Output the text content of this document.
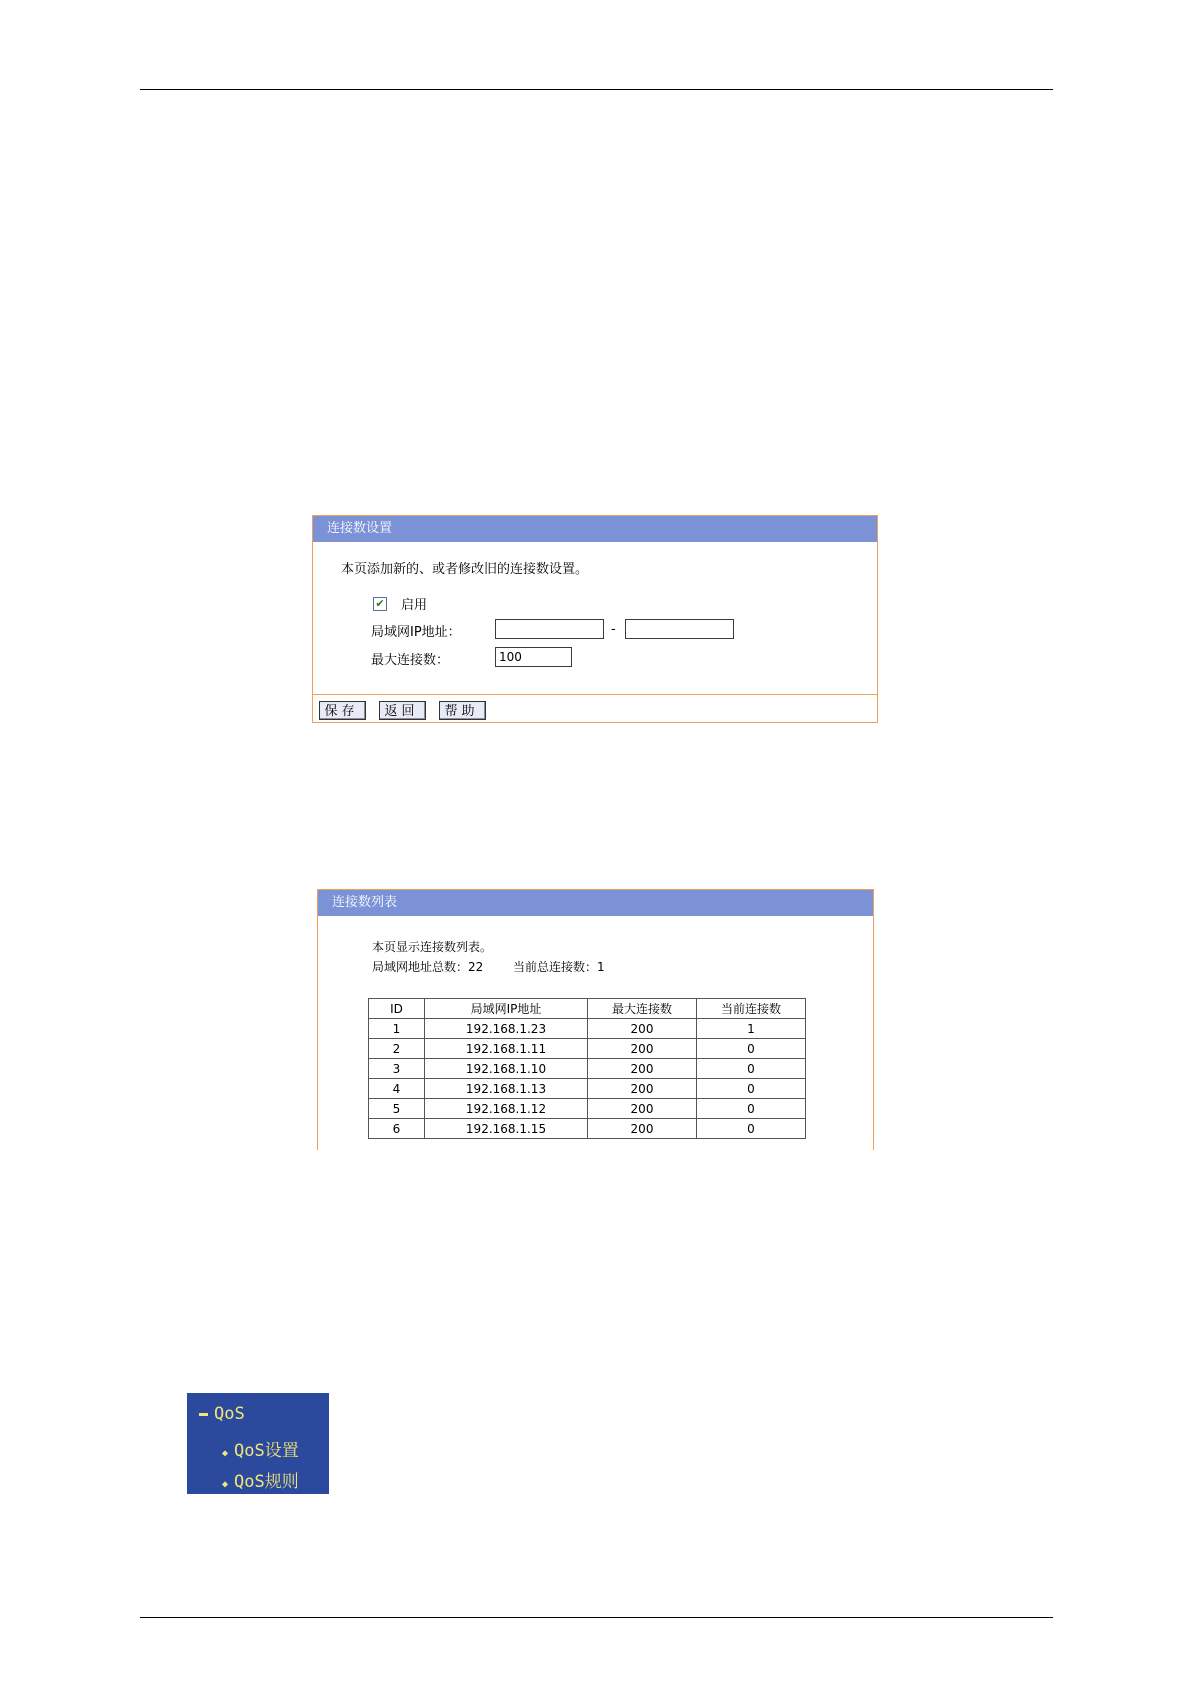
连接数设置
本页添加新的、或者修改旧的连接数设置。
✔ 启用
局域网IP地址：	-
最大连接数：
100
保存	返回	帮助
连接数列表
本页显示连接数列表。
局域网地址总数：22 当前总连接数：1
ID	局域网IP地址	最大连接数	当前连接数
1	192.168.1.23	200	1
2	192.168.1.11	200	0
3	192.168.1.10	200	0
4	192.168.1.13	200	0
5	192.168.1.12	200	0
6	192.168.1.15	200	0
QoS
◆ QoS设置
◆ QoS规则
